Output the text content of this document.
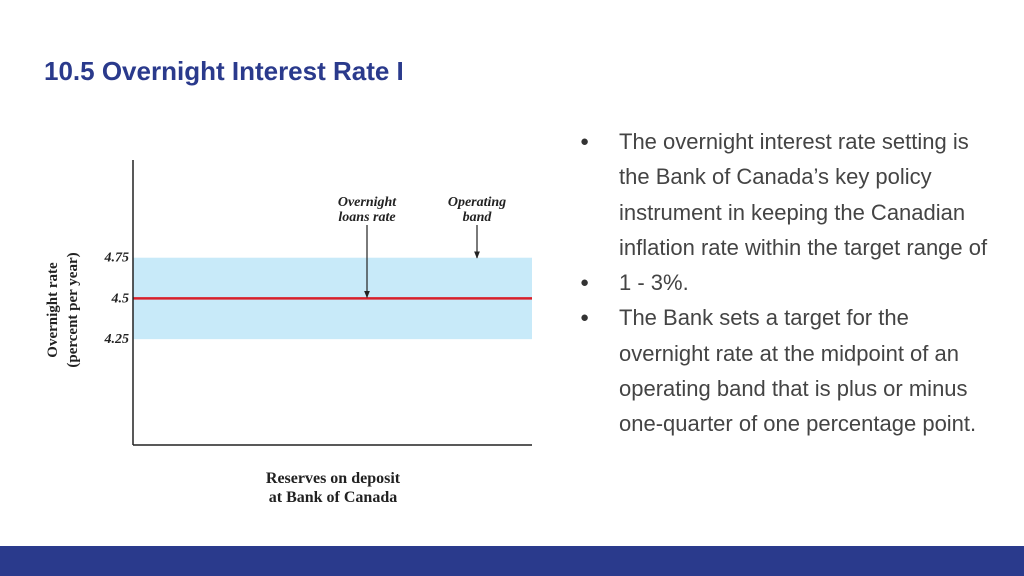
10.5 Overnight Interest Rate I
4.75
4.5
4.25
Overnight rate (percent per year)
Reserves on deposit
at Bank of Canada
Overnight
loans rate
Operating
band
● The overnight interest rate setting is the Bank of Canada’s key policy instrument in keeping the Canadian inflation rate within the target range of
● 1 - 3%.
● The Bank sets a target for the overnight rate at the midpoint of an operating band that is plus or minus one-quarter of one percentage point.
